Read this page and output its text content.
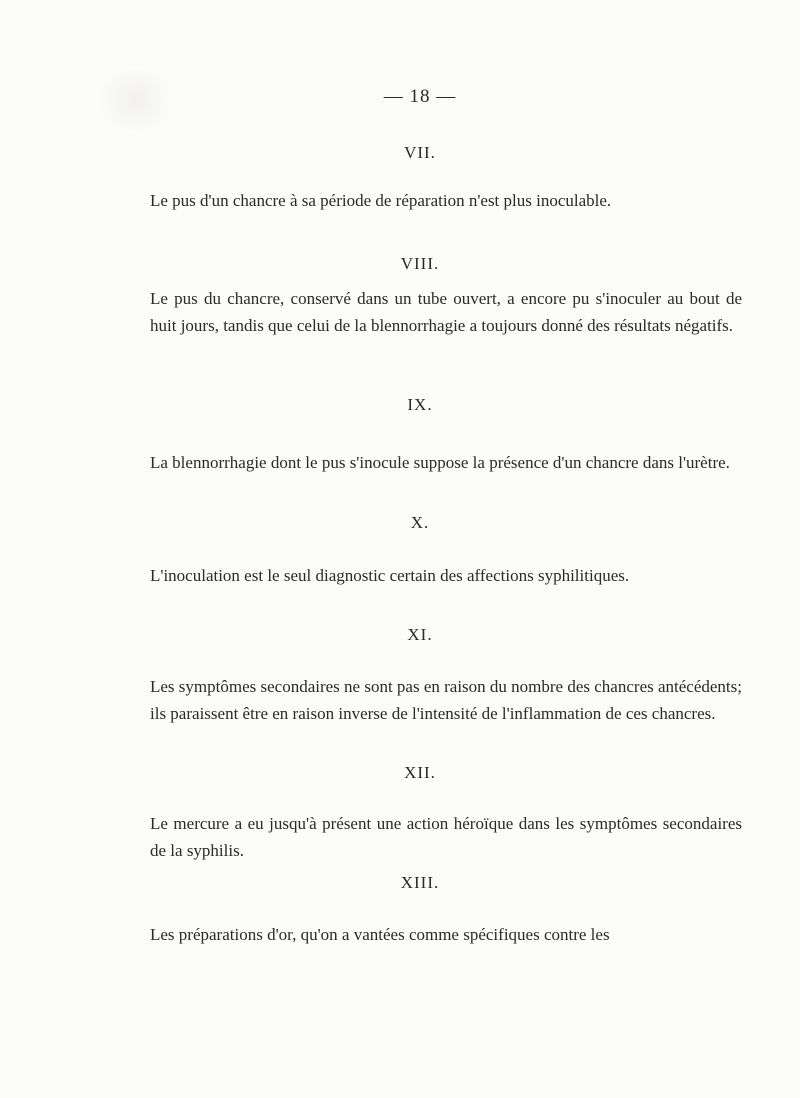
— 18 —
VII.

Le pus d'un chancre à sa période de réparation n'est plus inoculable.

VIII.

Le pus du chancre, conservé dans un tube ouvert, a encore pu s'inoculer au bout de huit jours, tandis que celui de la blennorrhagie a toujours donné des résultats négatifs.

IX.

La blennorrhagie dont le pus s'inocule suppose la présence d'un chancre dans l'urètre.

X.

L'inoculation est le seul diagnostic certain des affections syphilitiques.

XI.

Les symptômes secondaires ne sont pas en raison du nombre des chancres antécédents; ils paraissent être en raison inverse de l'intensité de l'inflammation de ces chancres.

XII.

Le mercure a eu jusqu'à présent une action héroïque dans les symptômes secondaires de la syphilis.

XIII.

Les préparations d'or, qu'on a vantées comme spécifiques contre les
